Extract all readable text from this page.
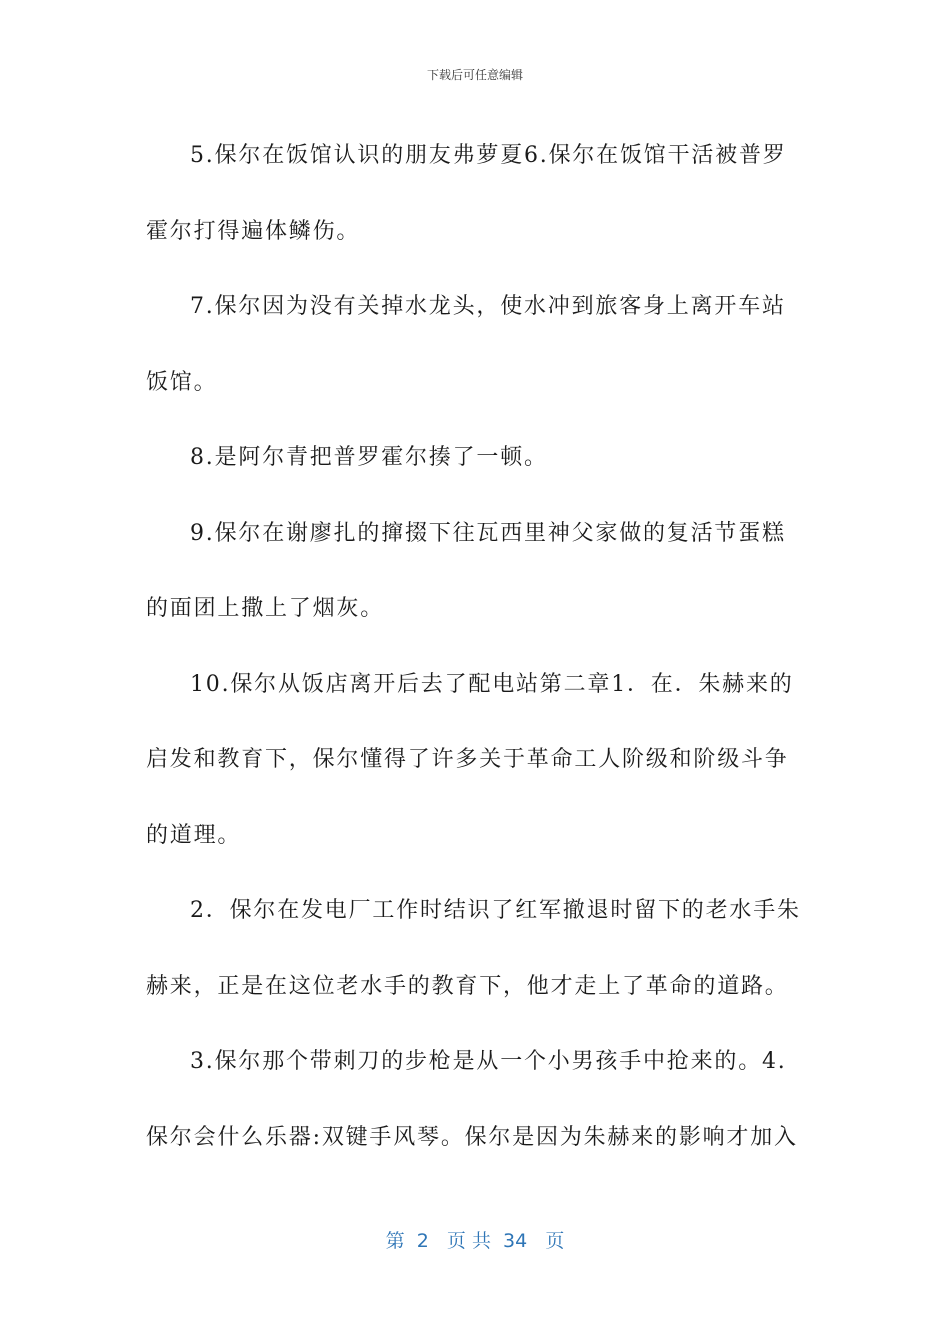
下载后可任意编辑

5.保尔在饭馆认识的朋友弗萝夏6.保尔在饭馆干活被普罗霍尔打得遍体鳞伤。

7.保尔因为没有关掉水龙头，使水冲到旅客身上离开车站饭馆。

8.是阿尔青把普罗霍尔揍了一顿。

9.保尔在谢廖扎的撺掇下往瓦西里神父家做的复活节蛋糕的面团上撒上了烟灰。

10.保尔从饭店离开后去了配电站第二章1．在．朱赫来的启发和教育下，保尔懂得了许多关于革命工人阶级和阶级斗争的道理。

2．保尔在发电厂工作时结识了红军撤退时留下的老水手朱赫来，正是在这位老水手的教育下，他才走上了革命的道路。

3.保尔那个带刺刀的步枪是从一个小男孩手中抢来的。4.保尔会什么乐器:双键手风琴。保尔是因为朱赫来的影响才加入

第  2   页 共  34   页
